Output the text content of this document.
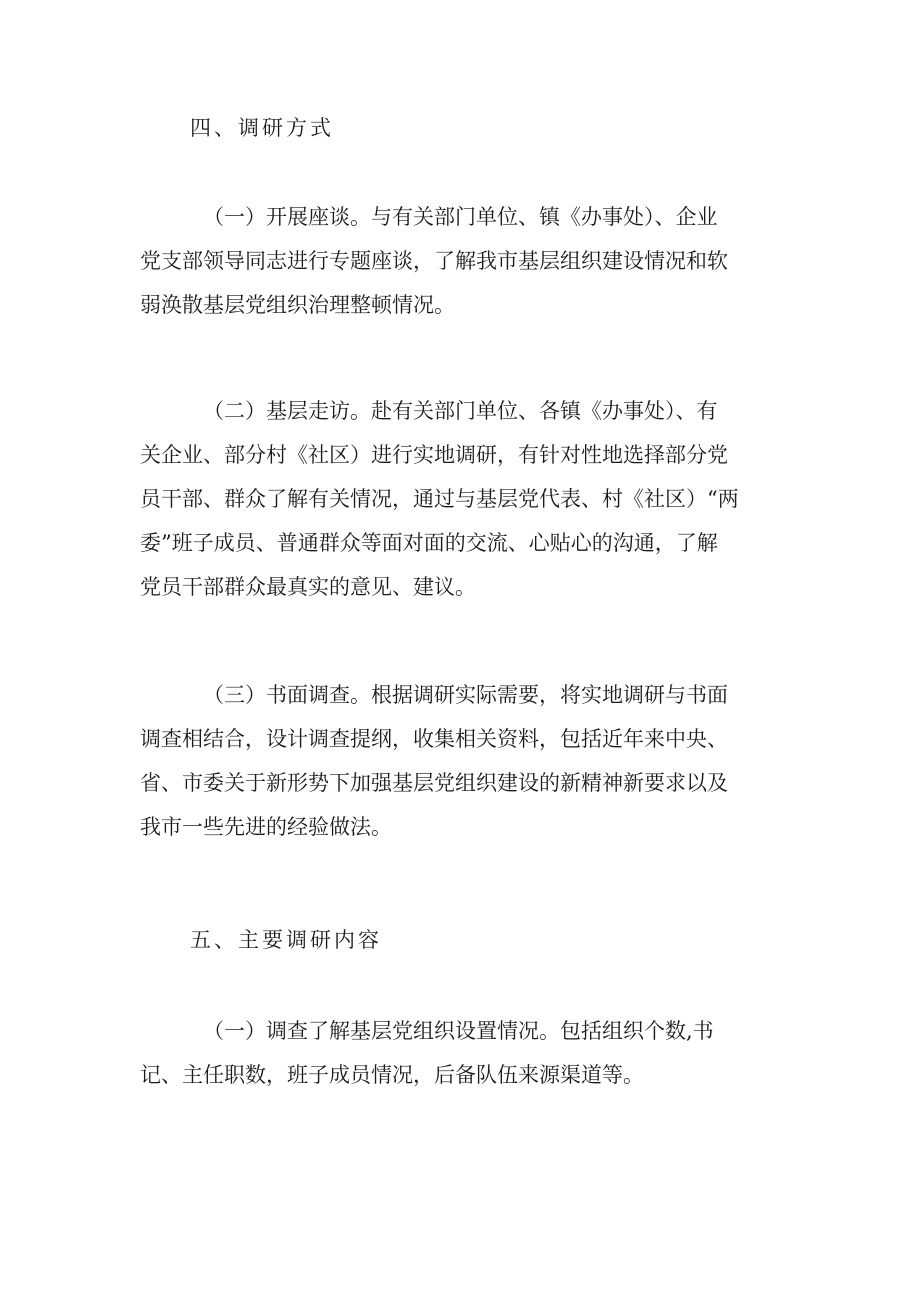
四、调研方式
（一）开展座谈。与有关部门单位、镇《办事处）、企业
党支部领导同志进行专题座谈，了解我市基层组织建设情况和软
弱涣散基层党组织治理整顿情况。
（二）基层走访。赴有关部门单位、各镇《办事处）、有
关企业、部分村《社区）进行实地调研，有针对性地选择部分党
员干部、群众了解有关情况，通过与基层党代表、村《社区）“两
委”班子成员、普通群众等面对面的交流、心贴心的沟通，了解
党员干部群众最真实的意见、建议。
（三）书面调查。根据调研实际需要，将实地调研与书面
调查相结合，设计调查提纲，收集相关资料，包括近年来中央、
省、市委关于新形势下加强基层党组织建设的新精神新要求以及
我市一些先进的经验做法。
五、主要调研内容
（一）调查了解基层党组织设置情况。包括组织个数,书
记、主任职数，班子成员情况，后备队伍来源渠道等。
